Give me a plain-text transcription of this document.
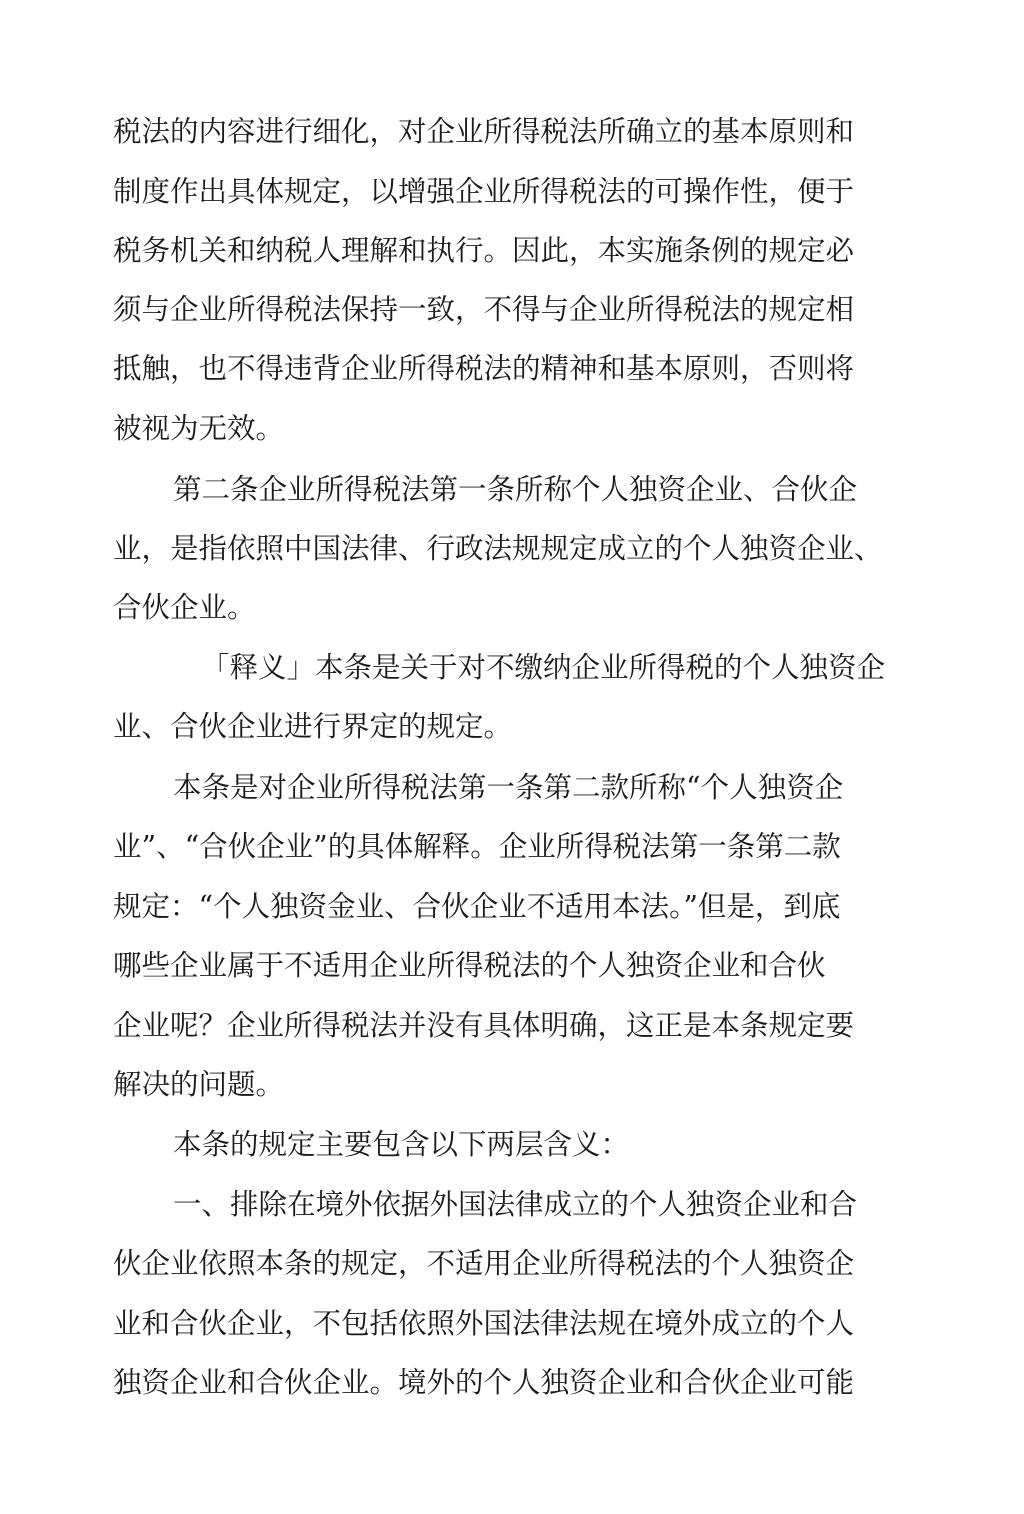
税法的内容进行细化，对企业所得税法所确立的基本原则和
制度作出具体规定，以增强企业所得税法的可操作性，便于
税务机关和纳税人理解和执行。因此，本实施条例的规定必
须与企业所得税法保持一致，不得与企业所得税法的规定相
抵触，也不得违背企业所得税法的精神和基本原则，否则将
被视为无效。
第二条企业所得税法第一条所称个人独资企业、合伙企
业，是指依照中国法律、行政法规规定成立的个人独资企业、
合伙企业。
「释义」本条是关于对不缴纳企业所得税的个人独资企
业、合伙企业进行界定的规定。
本条是对企业所得税法第一条第二款所称“个人独资企
业”、“合伙企业”的具体解释。企业所得税法第一条第二款
规定：“个人独资金业、合伙企业不适用本法。”但是，到底
哪些企业属于不适用企业所得税法的个人独资企业和合伙
企业呢？企业所得税法并没有具体明确，这正是本条规定要
解决的问题。
本条的规定主要包含以下两层含义：
一、排除在境外依据外国法律成立的个人独资企业和合
伙企业依照本条的规定，不适用企业所得税法的个人独资企
业和合伙企业，不包括依照外国法律法规在境外成立的个人
独资企业和合伙企业。境外的个人独资企业和合伙企业可能
